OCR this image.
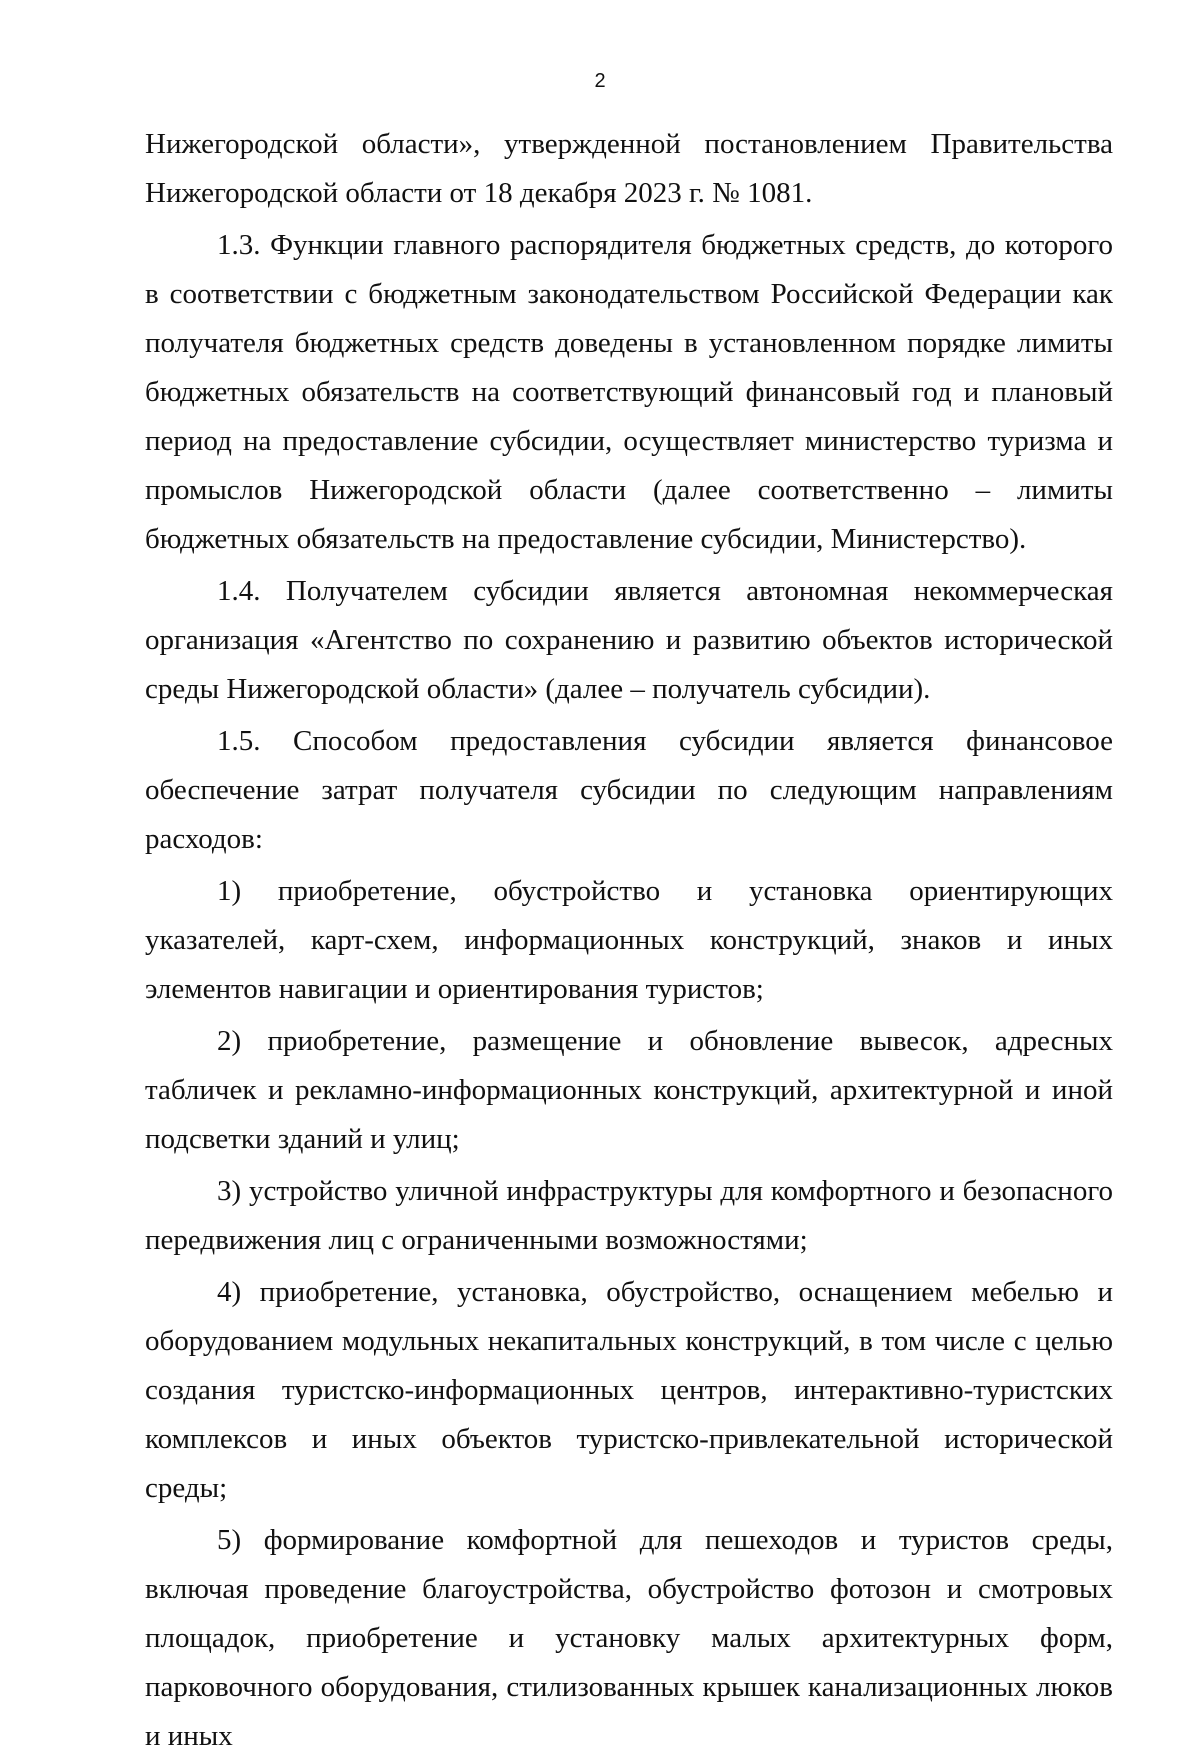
2

Нижегородской области», утвержденной постановлением Правительства Нижегородской области от 18 декабря 2023 г. № 1081.

1.3. Функции главного распорядителя бюджетных средств, до которого в соответствии с бюджетным законодательством Российской Федерации как получателя бюджетных средств доведены в установленном порядке лимиты бюджетных обязательств на соответствующий финансовый год и плановый период на предоставление субсидии, осуществляет министерство туризма и промыслов Нижегородской области (далее соответственно – лимиты бюджетных обязательств на предоставление субсидии, Министерство).

1.4. Получателем субсидии является автономная некоммерческая организация «Агентство по сохранению и развитию объектов исторической среды Нижегородской области» (далее – получатель субсидии).

1.5. Способом предоставления субсидии является финансовое обеспечение затрат получателя субсидии по следующим направлениям расходов:

1) приобретение, обустройство и установка ориентирующих указателей, карт-схем, информационных конструкций, знаков и иных элементов навигации и ориентирования туристов;

2) приобретение, размещение и обновление вывесок, адресных табличек и рекламно-информационных конструкций, архитектурной и иной подсветки зданий и улиц;

3) устройство уличной инфраструктуры для комфортного и безопасного передвижения лиц с ограниченными возможностями;

4) приобретение, установка, обустройство, оснащением мебелью и оборудованием модульных некапитальных конструкций, в том числе с целью создания туристско-информационных центров, интерактивно-туристских комплексов и иных объектов туристско-привлекательной исторической среды;

5) формирование комфортной для пешеходов и туристов среды, включая проведение благоустройства, обустройство фотозон и смотровых площадок, приобретение и установку малых архитектурных форм, парковочного оборудования, стилизованных крышек канализационных люков и иных
